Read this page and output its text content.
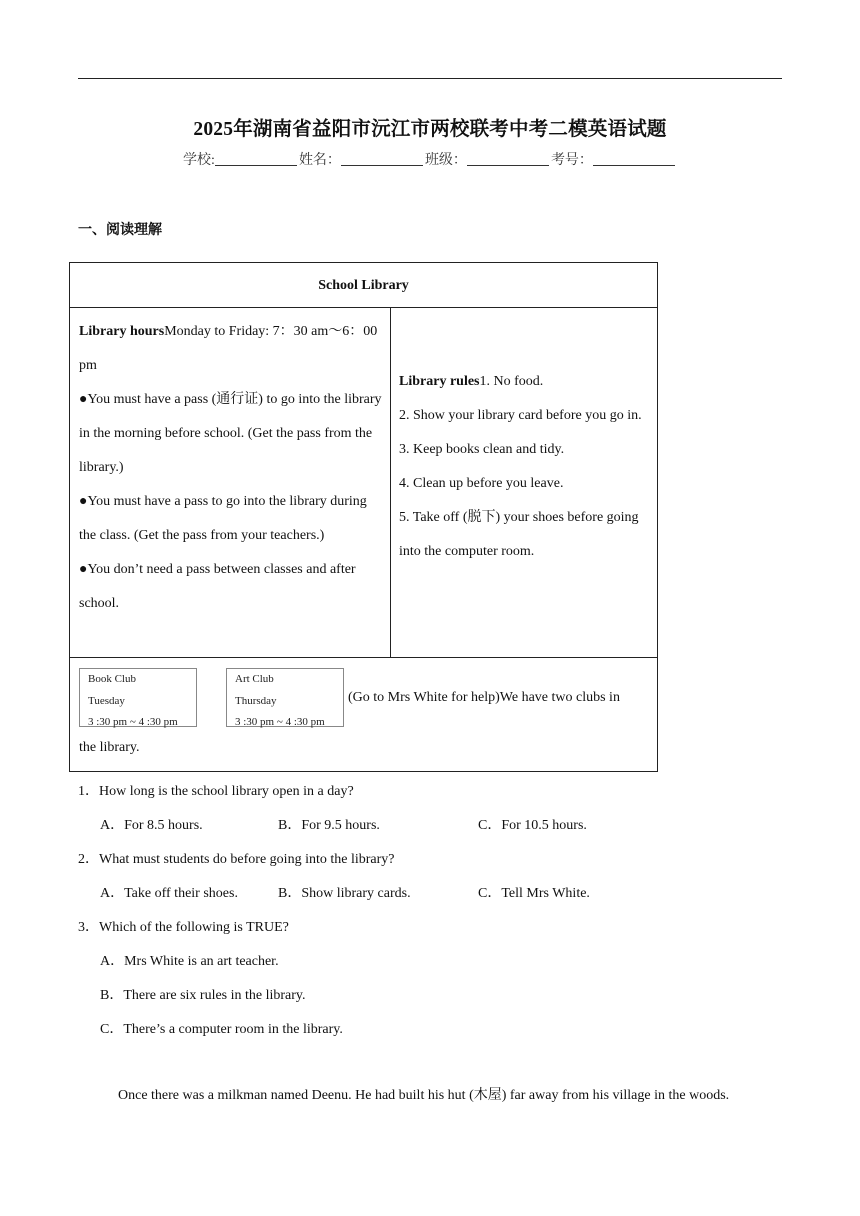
2025年湖南省益阳市沅江市两校联考中考二模英语试题
学校:	姓名：	班级：	考号：
一、阅读理解
School Library

Library hoursMonday to Friday: 7：30 am～6：00 pm

●You must have a pass (通行证) to go into the library in the morning before school. (Get the pass from the library.)

●You must have a pass to go into the library during the class. (Get the pass from your teachers.)

●You don’t need a pass between classes and after school.

Library rules1. No food.

2. Show your library card before you go in.

3. Keep books clean and tidy.

4. Clean up before you leave.

5. Take off (脱下) your shoes before going into the computer room.

Book Club
Tuesday
3 :30 pm ~ 4 :30 pm
Art Club
Thursday
3 :30 pm ~ 4 :30 pm
(Go to Mrs White for help)We have two clubs in
the library.
1．How long is the school library open in a day?
A．For 8.5 hours.	B．For 9.5 hours.	C．For 10.5 hours.
2．What must students do before going into the library?
A．Take off their shoes.	B．Show library cards.	C．Tell Mrs White.
3．Which of the following is TRUE?
A．Mrs White is an art teacher.
B．There are six rules in the library.
C．There’s a computer room in the library.
Once there was a milkman named Deenu. He had built his hut (木屋) far away from his village in the woods.
